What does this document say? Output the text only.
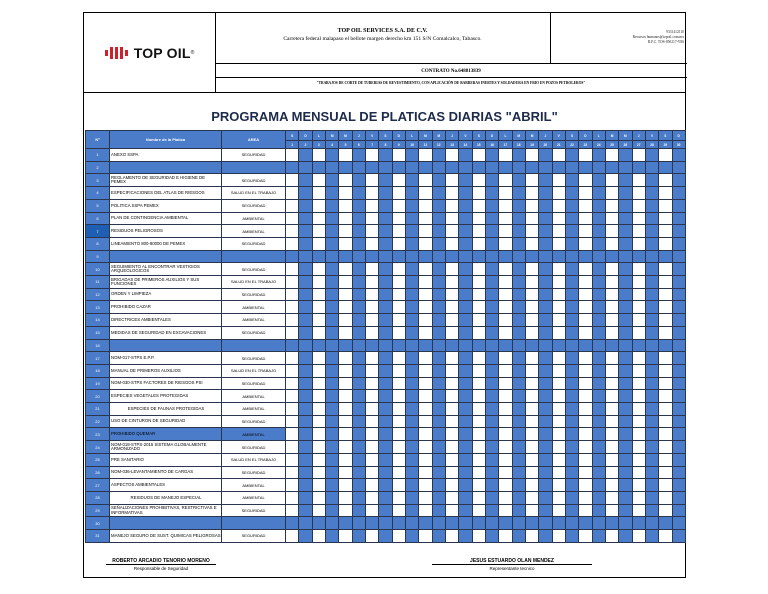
TOP OIL ®
TOP OIL SERVICES S.A. DE C.V.
Carretera federal malapaso el bellote margen derecho km 151 S/N Comalcalco, Tabasco.
9331412110
Recursos humanos@topoil.com.mx
R.F.C. TOS-050217-Y86
CONTRATO No.648813839
"TRABAJOS DE CORTE DE TUBERIAS DE REVESTIMIENTO, CON APLICACIÓN DE BARRERAS INERTES Y SOLDADURA EN FRIO EN POZOS PETROLEROS"
PROGRAMA MENSUAL DE PLATICAS DIARIAS "ABRIL"
Nº	Nombre de la Platica	AREA	S	D	L	M	M	J	V	S	D	L	M	M	J	V	S	D	L	M	M	J	V	S	D	L	M	M	J	V	S	D
			1	2	3	4	5	6	7	8	9	10	11	12	13	14	15	16	17	18	19	20	21	22	23	24	25	26	27	28	29	30
1	ANEXO SSPA	SEGURIDAD																														
2																																
3	REGLAMENTO DE SEGURIDAD E HIGIENE DE PEMEX	SEGURIDAD																														
4	ESPECIFICACIONES DEL ATLAS DE RIESGOS	SALUD EN EL TRABAJO																														
5	POLITICA SSPA PEMEX	SEGURIDAD																														
6	PLAN DE CONTINGENCIA AMBIENTAL	AMBIENTAL																														
7	RESIDUOS PELIGROSOS	AMBIENTAL																														
8	LINEAMIENTO 800-80000 DE PEMEX	SEGURIDAD																														
9																																
10	SEGUIMIENTO AL ENCONTRAR VESTIGIOS ARQUEOLOGICOS	SEGURIDAD																														
11	BRIGADAS DE PRIMEROS AUXILIOS Y SUS FUNCIONES	SALUD EN EL TRABAJO																														
12	ORDEN Y LIMPIEZA	SEGURIDAD																														
13	PROHIBIDO CAZAR	AMBIENTAL																														
14	DIRECTRICES AMBIENTALES	AMBIENTAL																														
15	MEDIDAS DE SEGURIDAD EN EXCAVACIONES	SEGURIDAD																														
16																																
17	NOM-017-STPS E.P.P.	SEGURIDAD																														
18	MANUAL DE PRIMEROS AUXILIOS	SALUD EN EL TRABAJO																														
19	NOM-030-STPS FACTORES DE RIESGOS PSI	SEGURIDAD																														
20	ESPECIES VEGETALES PROTEGIDAS	AMBIENTAL																														
21	ESPECIES DE FAUNAS PROTEGIDAS	AMBIENTAL																														
22	USO DE CINTURON DE SEGURIDAD	SEGURIDAD																														
23	PROHIBIDO QUEMAR	AMBIENTAL																														
24	NOM-018-STPS-2015 SISTEMA GLOBALMENTE ARMONIZADO	SEGURIDAD																														
25	PRE SANITARIO	SALUD EN EL TRABAJO																														
26	NOM-036-LEVANTAMIENTO DE CARGAS	SEGURIDAD																														
27	ASPECTOS AMBIENTALES	AMBIENTAL																														
28	RESIDUOS DE MANEJO ESPECIAL	AMBIENTAL																														
29	SEÑALIZACIONES PROHIBITIVAS, RESTRICTIVAS E INFORMATIVAS	SEGURIDAD																														
30																																
31	MANEJO SEGURO DE SUST. QUIMICAS PELIGROSAS	SEGURIDAD																														
ROBERTO ARCADIO TENORIO MORENO
Responsable de Seguridad
JESUS ESTUARDO OLAN MENDEZ
Representante tecnico
